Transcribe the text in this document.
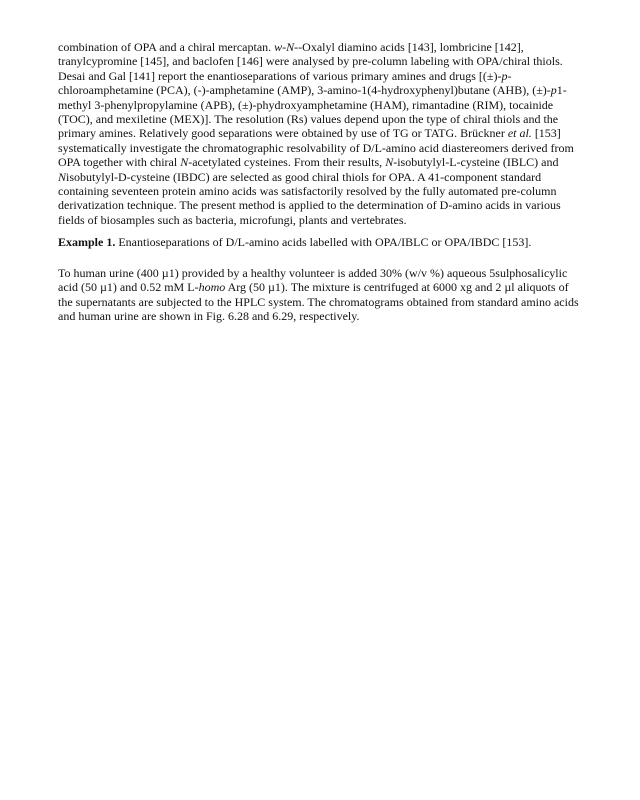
combination of OPA and a chiral mercaptan. w-N--Oxalyl diamino acids [143], lombricine [142], tranylcypromine [145], and baclofen [146] were analysed by pre-column labeling with OPA/chiral thiols. Desai and Gal [141] report the enantioseparations of various primary amines and drugs [(±)-p-chloroamphetamine (PCA), (-)-amphetamine (AMP), 3-amino-1(4-hydroxyphenyl)butane (AHB), (±)-p1-methyl 3-phenylpropylamine (APB), (±)-phydroxyamphetamine (HAM), rimantadine (RIM), tocainide (TOC), and mexiletine (MEX)]. The resolution (Rs) values depend upon the type of chiral thiols and the primary amines. Relatively good separations were obtained by use of TG or TATG. Brückner et al. [153] systematically investigate the chromatographic resolvability of D/L-amino acid diastereomers derived from OPA together with chiral N-acetylated cysteines. From their results, N-isobutylyl-L-cysteine (IBLC) and Nisobutylyl-D-cysteine (IBDC) are selected as good chiral thiols for OPA. A 41-component standard containing seventeen protein amino acids was satisfactorily resolved by the fully automated pre-column derivatization technique. The present method is applied to the determination of D-amino acids in various fields of biosamples such as bacteria, microfungi, plants and vertebrates.

Example 1. Enantioseparations of D/L-amino acids labelled with OPA/IBLC or OPA/IBDC [153].

To human urine (400 µ1) provided by a healthy volunteer is added 30% (w/v %) aqueous 5sulphosalicylic acid (50 µ1) and 0.52 mM L-homo Arg (50 µ1). The mixture is centrifuged at 6000 xg and 2 µl aliquots of the supernatants are subjected to the HPLC system. The chromatograms obtained from standard amino acids and human urine are shown in Fig. 6.28 and 6.29, respectively.
